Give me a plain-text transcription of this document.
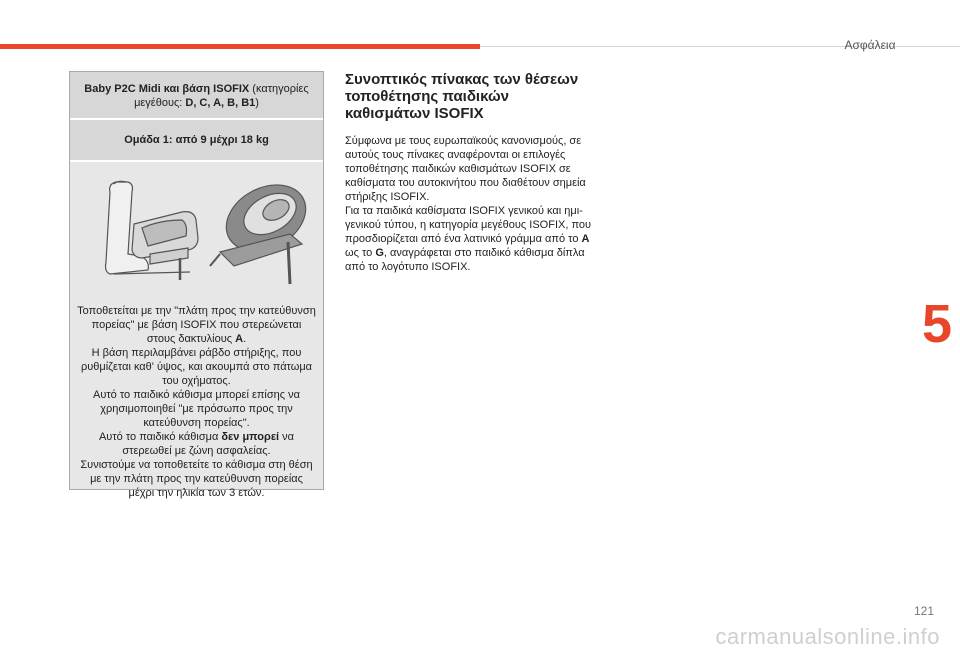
Ασφάλεια
5
Baby P2C Midi και βάση ISOFIX (κατηγορίες μεγέθους: D, C, A, B, B1)
Ομάδα 1: από 9 μέχρι 18 kg
Τοποθετείται με την "πλάτη προς την κατεύθυνση πορείας" με βάση ISOFIX που στερεώνεται στους δακτυλίους A.
Η βάση περιλαμβάνει ράβδο στήριξης, που ρυθμίζεται καθ' ύψος, και ακουμπά στο πάτωμα του οχήματος.
Αυτό το παιδικό κάθισμα μπορεί επίσης να χρησιμοποιηθεί "με πρόσωπο προς την κατεύθυνση πορείας".
Αυτό το παιδικό κάθισμα δεν μπορεί να στερεωθεί με ζώνη ασφαλείας.
Συνιστούμε να τοποθετείτε το κάθισμα στη θέση με την πλάτη προς την κατεύθυνση πορείας μέχρι την ηλικία των 3 ετών.
Συνοπτικός πίνακας των θέσεων τοποθέτησης παιδικών καθισμάτων ISOFIX

Σύμφωνα με τους ευρωπαϊκούς κανονισμούς, σε αυτούς τους πίνακες αναφέρονται οι επιλογές τοποθέτησης παιδικών καθισμάτων ISOFIX σε καθίσματα του αυτοκινήτου που διαθέτουν σημεία στήριξης ISOFIX.
Για τα παιδικά καθίσματα ISOFIX γενικού και ημι-γενικού τύπου, η κατηγορία μεγέθους ISOFIX, που προσδιορίζεται από ένα λατινικό γράμμα από το A ως το G, αναγράφεται στο παιδικό κάθισμα δίπλα από το λογότυπο ISOFIX.

121
carmanualsonline.info
